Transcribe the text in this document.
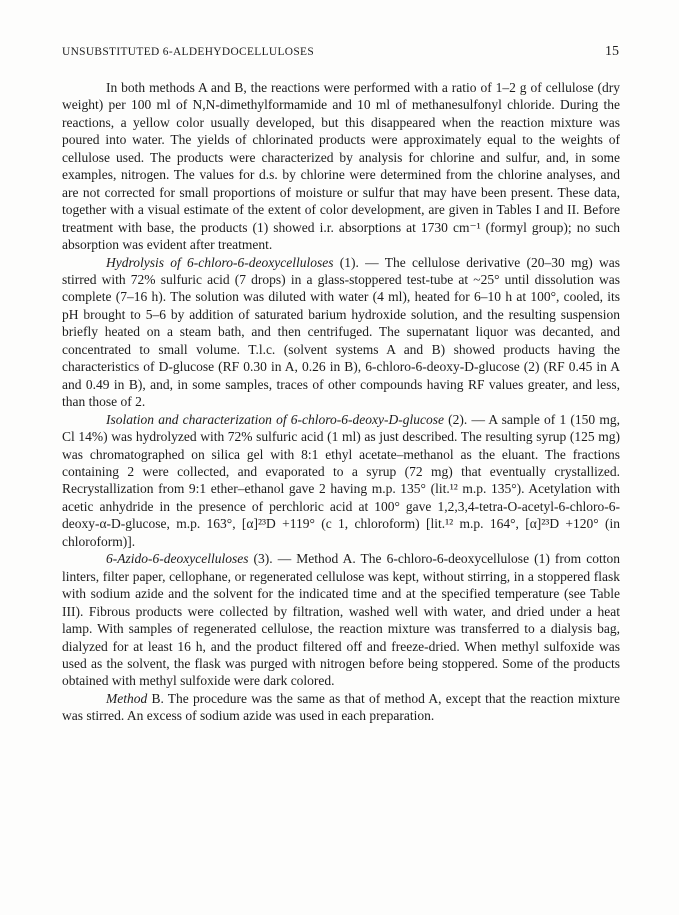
UNSUBSTITUTED 6-ALDEHYDOCELLULOSES	15

In both methods A and B, the reactions were performed with a ratio of 1–2 g of cellulose (dry weight) per 100 ml of N,N-dimethylformamide and 10 ml of methanesulfonyl chloride. During the reactions, a yellow color usually developed, but this disappeared when the reaction mixture was poured into water. The yields of chlorinated products were approximately equal to the weights of cellulose used. The products were characterized by analysis for chlorine and sulfur, and, in some examples, nitrogen. The values for d.s. by chlorine were determined from the chlorine analyses, and are not corrected for small proportions of moisture or sulfur that may have been present. These data, together with a visual estimate of the extent of color development, are given in Tables I and II. Before treatment with base, the products (1) showed i.r. absorptions at 1730 cm⁻¹ (formyl group); no such absorption was evident after treatment.

Hydrolysis of 6-chloro-6-deoxycelluloses (1). — The cellulose derivative (20–30 mg) was stirred with 72% sulfuric acid (7 drops) in a glass-stoppered test-tube at ~25° until dissolution was complete (7–16 h). The solution was diluted with water (4 ml), heated for 6–10 h at 100°, cooled, its pH brought to 5–6 by addition of saturated barium hydroxide solution, and the resulting suspension briefly heated on a steam bath, and then centrifuged. The supernatant liquor was decanted, and concentrated to small volume. T.l.c. (solvent systems A and B) showed products having the characteristics of D-glucose (RF 0.30 in A, 0.26 in B), 6-chloro-6-deoxy-D-glucose (2) (RF 0.45 in A and 0.49 in B), and, in some samples, traces of other compounds having RF values greater, and less, than those of 2.

Isolation and characterization of 6-chloro-6-deoxy-D-glucose (2). — A sample of 1 (150 mg, Cl 14%) was hydrolyzed with 72% sulfuric acid (1 ml) as just described. The resulting syrup (125 mg) was chromatographed on silica gel with 8:1 ethyl acetate–methanol as the eluant. The fractions containing 2 were collected, and evaporated to a syrup (72 mg) that eventually crystallized. Recrystallization from 9:1 ether–ethanol gave 2 having m.p. 135° (lit.¹² m.p. 135°). Acetylation with acetic anhydride in the presence of perchloric acid at 100° gave 1,2,3,4-tetra-O-acetyl-6-chloro-6-deoxy-α-D-glucose, m.p. 163°, [α]²³D +119° (c 1, chloroform) [lit.¹² m.p. 164°, [α]²³D +120° (in chloroform)].

6-Azido-6-deoxycelluloses (3). — Method A. The 6-chloro-6-deoxycellulose (1) from cotton linters, filter paper, cellophane, or regenerated cellulose was kept, without stirring, in a stoppered flask with sodium azide and the solvent for the indicated time and at the specified temperature (see Table III). Fibrous products were collected by filtration, washed well with water, and dried under a heat lamp. With samples of regenerated cellulose, the reaction mixture was transferred to a dialysis bag, dialyzed for at least 16 h, and the product filtered off and freeze-dried. When methyl sulfoxide was used as the solvent, the flask was purged with nitrogen before being stoppered. Some of the products obtained with methyl sulfoxide were dark colored.

Method B. The procedure was the same as that of method A, except that the reaction mixture was stirred. An excess of sodium azide was used in each preparation.
